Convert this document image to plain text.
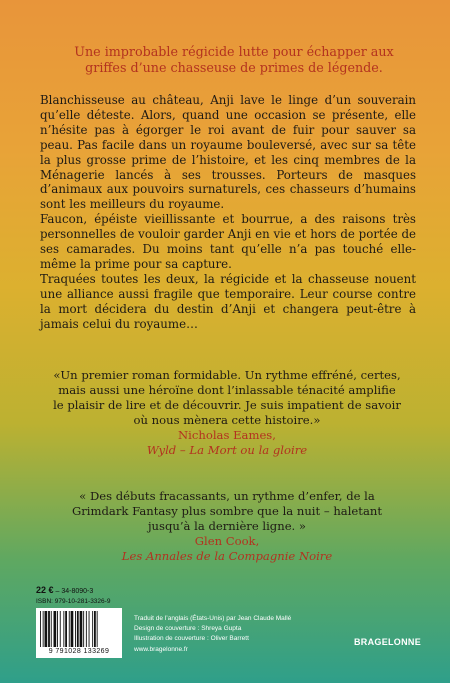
Une improbable régicide lutte pour échapper aux griffes d’une chasseuse de primes de légende.

Blanchisseuse au château, Anji lave le linge d’un souverain qu’elle déteste. Alors, quand une occasion se présente, elle n’hésite pas à égorger le roi avant de fuir pour sauver sa peau. Pas facile dans un royaume bouleversé, avec sur sa tête la plus grosse prime de l’histoire, et les cinq membres de la Ménagerie lancés à ses trousses. Porteurs de masques d’animaux aux pouvoirs surnaturels, ces chasseurs d’humains sont les meilleurs du royaume.

Faucon, épéiste vieillissante et bourrue, a des raisons très personnelles de vouloir garder Anji en vie et hors de portée de ses camarades. Du moins tant qu’elle n’a pas touché elle-même la prime pour sa capture.

Traquées toutes les deux, la régicide et la chasseuse nouent une alliance aussi fragile que temporaire. Leur course contre la mort décidera du destin d’Anji et changera peut-être à jamais celui du royaume…

«Un premier roman formidable. Un rythme effréné, certes, mais aussi une héroïne dont l’inlassable ténacité amplifie le plaisir de lire et de découvrir. Je suis impatient de savoir où nous mènera cette histoire.»
Nicholas Eames,
Wyld – La Mort ou la gloire
« Des débuts fracassants, un rythme d’enfer, de la Grimdark Fantasy plus sombre que la nuit – haletant jusqu’à la dernière ligne. »
Glen Cook,
Les Annales de la Compagnie Noire
22 € – 34-8090-3
ISBN: 979-10-281-3326-9
9 791028 133269
Traduit de l’anglais (États-Unis) par Jean Claude Mallé
Design de couverture : Shreya Gupta
Illustration de couverture : Oliver Barrett
www.bragelonne.fr
BRAGELONNE
